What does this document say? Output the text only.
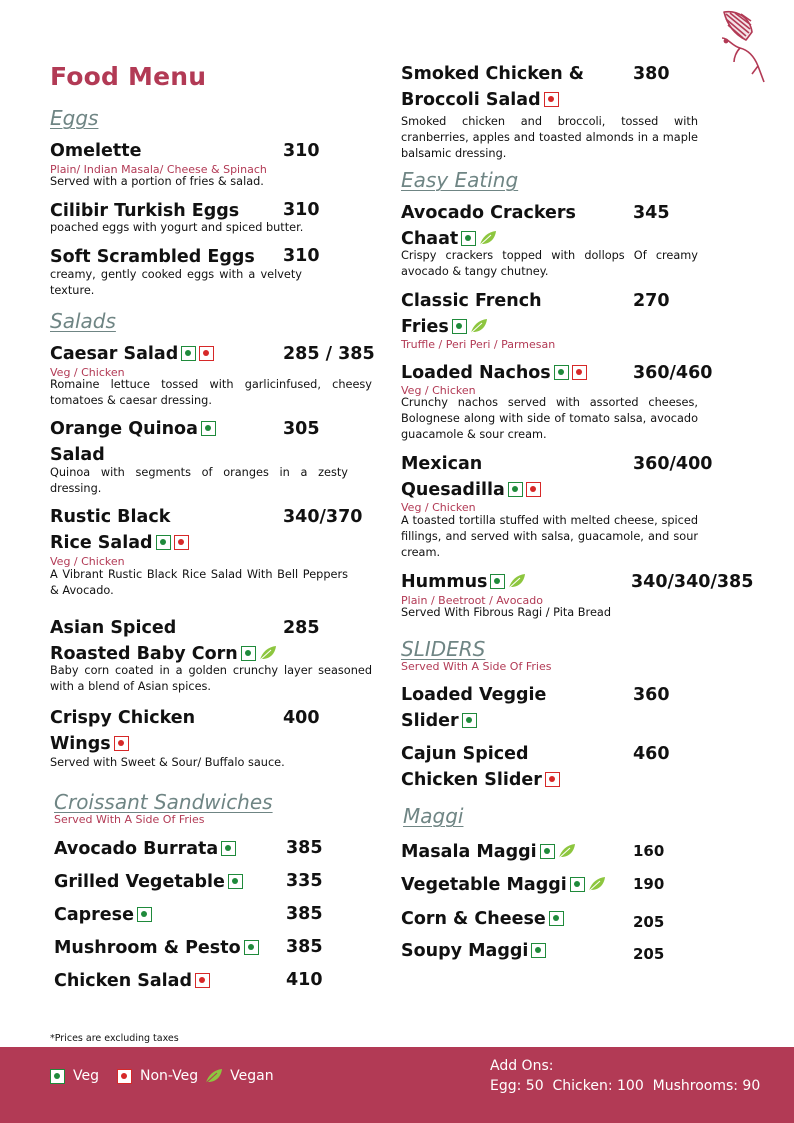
Food Menu
Eggs
Omelette	310
Plain/ Indian Masala/ Cheese & Spinach
Served with a portion of fries & salad.
Cilibir Turkish Eggs	310
poached eggs with yogurt and spiced butter.
Soft Scrambled Eggs 310
creamy, gently cooked eggs with a velvety texture.
Salads
Caesar Salad	285 / 385
Veg / Chicken
Romaine lettuce tossed with garlicinfused, cheesy tomatoes & caesar dressing.
Orange Quinoa
Salad
305
Quinoa with segments of oranges in a zesty dressing.
Rustic Black
Rice Salad
340/370
Veg / Chicken
A Vibrant Rustic Black Rice Salad With Bell Peppers & Avocado.
Asian Spiced
Roasted Baby Corn
285
Baby corn coated in a golden crunchy layer seasoned with a blend of Asian spices.
Crispy Chicken
Wings
400
Served with Sweet & Sour/ Buffalo sauce.
Croissant Sandwiches
Served With A Side Of Fries
Avocado Burrata	385
Grilled Vegetable	335
Caprese	385
Mushroom & Pesto	385
Chicken Salad	410
Smoked Chicken &
Broccoli Salad
380
Smoked chicken and broccoli, tossed with cranberries, apples and toasted almonds in a maple balsamic dressing.
Easy Eating
Avocado Crackers
Chaat
345
Crispy crackers topped with dollops Of creamy avocado & tangy chutney.
Classic French
Fries
270
Truffle / Peri Peri / Parmesan
Loaded Nachos	360/460
Veg / Chicken
Crunchy nachos served with assorted cheeses, Bolognese along with side of tomato salsa, avocado guacamole & sour cream.
Mexican
Quesadilla
360/400
Veg / Chicken
A toasted tortilla stuffed with melted cheese, spiced fillings, and served with salsa, guacamole, and sour cream.
Hummus	340/340/385
Plain / Beetroot / Avocado
Served With Fibrous Ragi / Pita Bread
SLIDERS
Served With A Side Of Fries
Loaded Veggie
Slider
360
Cajun Spiced
Chicken Slider
460
Maggi
Masala Maggi	160
Vegetable Maggi	190
Corn & Cheese	205
Soupy Maggi	205
*Prices are excluding taxes
Veg	Non-Veg Vegan
Add Ons:
Egg: 50  Chicken: 100  Mushrooms: 90
